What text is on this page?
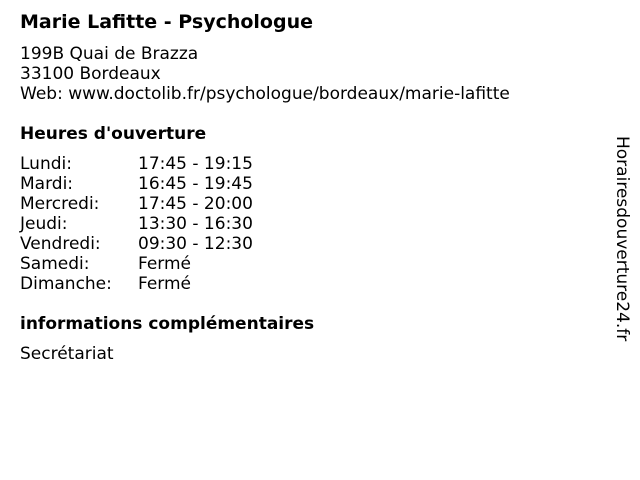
Marie Lafitte - Psychologue
199B Quai de Brazza
33100 Bordeaux
Web: www.doctolib.fr/psychologue/bordeaux/marie-lafitte
Heures d'ouverture
Lundi:	17:45 - 19:15
Mardi:	16:45 - 19:45
Mercredi: 17:45 - 20:00
Jeudi:	13:30 - 16:30
Vendredi: 09:30 - 12:30
Samedi:	Fermé
Dimanche: Fermé
informations complémentaires
Secrétariat
Horairesdouverture24.fr
